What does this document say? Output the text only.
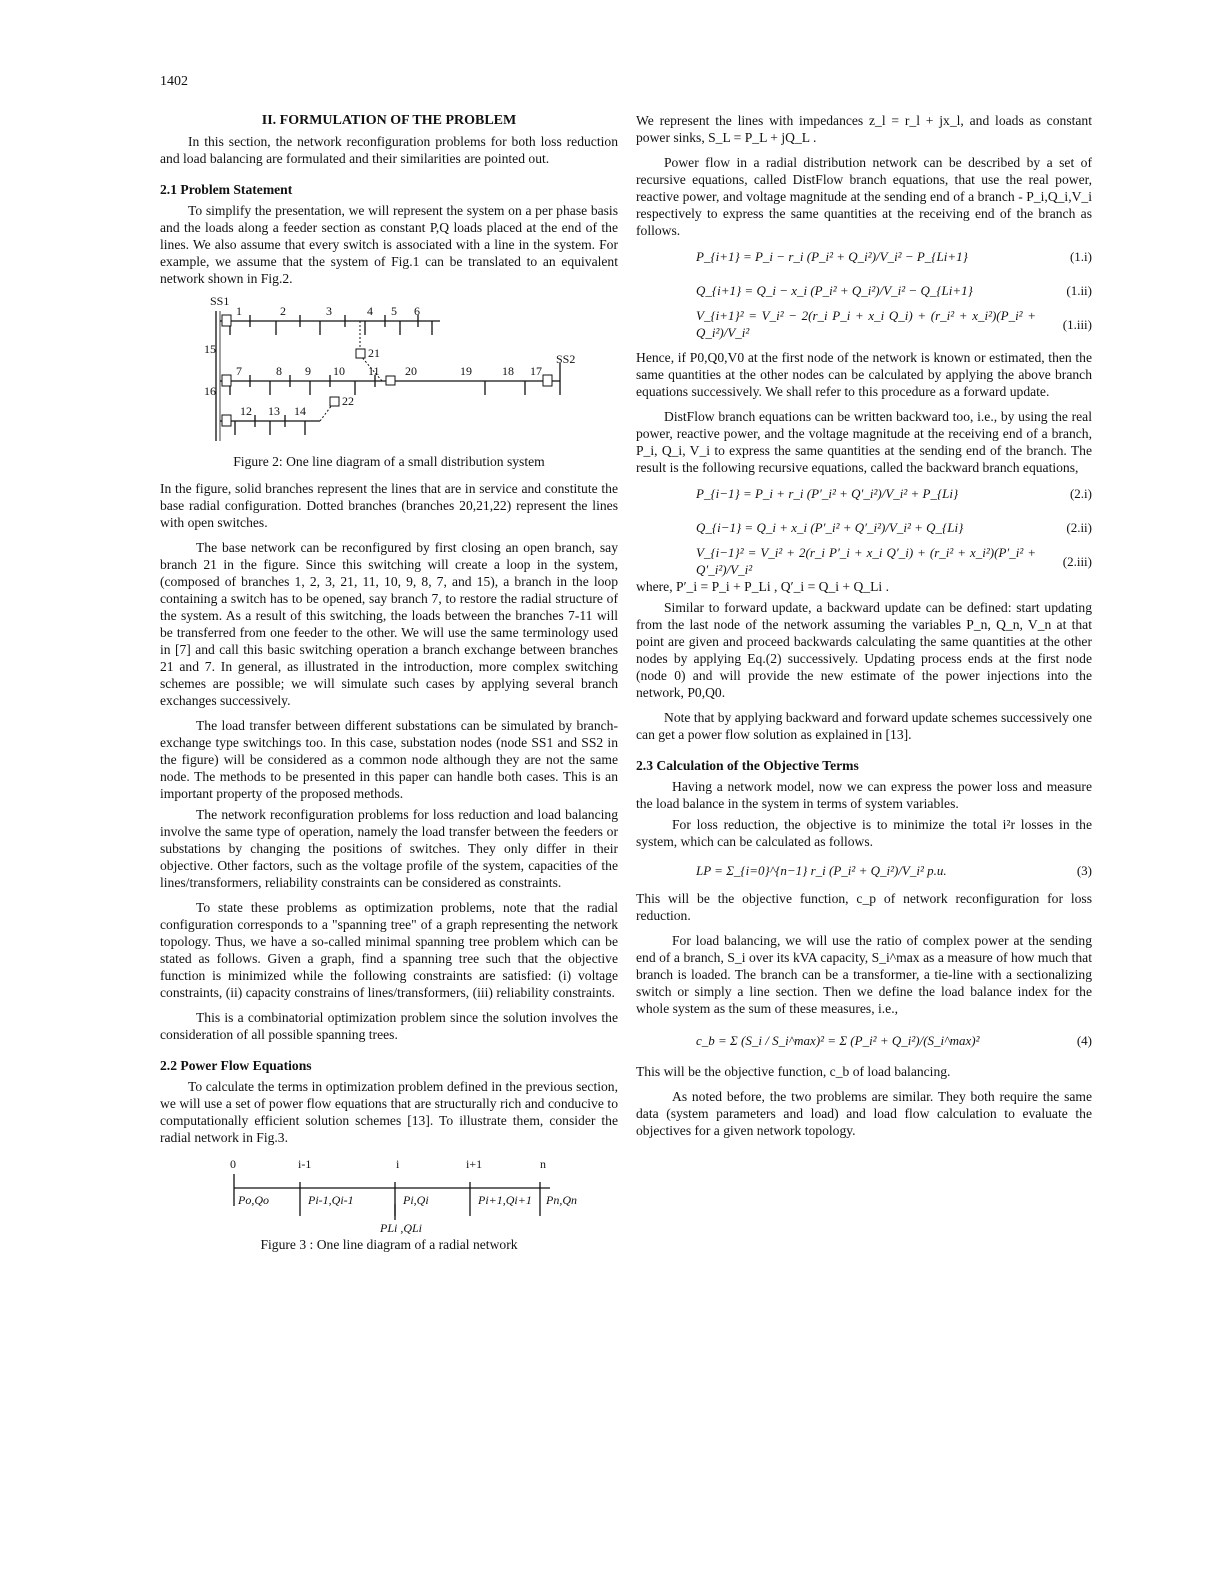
1402

II. FORMULATION OF THE PROBLEM

In this section, the network reconfiguration problems for both loss reduction and load balancing are formulated and their similarities are pointed out.

2.1 Problem Statement

To simplify the presentation, we will represent the system on a per phase basis and the loads along a feeder section as constant P,Q loads placed at the end of the lines. We also assume that every switch is associated with a line in the system. For example, we assume that the system of Fig.1 can be translated to an equivalent network shown in Fig.2.

SS1
1	2	3	4 5 6
15	21
7	8 9 10 11 20	19	18 17
SS2
16
12 13 14
22

Figure 2: One line diagram of a small distribution system

In the figure, solid branches represent the lines that are in service and constitute the base radial configuration. Dotted branches (branches 20,21,22) represent the lines with open switches.

The base network can be reconfigured by first closing an open branch, say branch 21 in the figure. Since this switching will create a loop in the system, (composed of branches 1, 2, 3, 21, 11, 10, 9, 8, 7, and 15), a branch in the loop containing a switch has to be opened, say branch 7, to restore the radial structure of the system. As a result of this switching, the loads between the branches 7-11 will be transferred from one feeder to the other. We will use the same terminology used in [7] and call this basic switching operation a branch exchange between branches 21 and 7. In general, as illustrated in the introduction, more complex switching schemes are possible; we will simulate such cases by applying several branch exchanges successively.

The load transfer between different substations can be simulated by branch-exchange type switchings too. In this case, substation nodes (node SS1 and SS2 in the figure) will be considered as a common node although they are not the same node. The methods to be presented in this paper can handle both cases. This is an important property of the proposed methods.

The network reconfiguration problems for loss reduction and load balancing involve the same type of operation, namely the load transfer between the feeders or substations by changing the positions of switches. They only differ in their objective. Other factors, such as the voltage profile of the system, capacities of the lines/transformers, reliability constraints can be considered as constraints.

To state these problems as optimization problems, note that the radial configuration corresponds to a "spanning tree" of a graph representing the network topology. Thus, we have a so-called minimal spanning tree problem which can be stated as follows. Given a graph, find a spanning tree such that the objective function is minimized while the following constraints are satisfied: (i) voltage constraints, (ii) capacity constrains of lines/transformers, (iii) reliability constraints.

This is a combinatorial optimization problem since the solution involves the consideration of all possible spanning trees.

2.2 Power Flow Equations

To calculate the terms in optimization problem defined in the previous section, we will use a set of power flow equations that are structurally rich and conducive to computationally efficient solution schemes [13]. To illustrate them, consider the radial network in Fig.3.

0	i-1	i	i+1	n
Po,Qo	Pi-1,Qi-1	Pi,Qi	Pi+1,Qi+1 Pn,Qn
PLi ,QLi

Figure 3 : One line diagram of a radial network

We represent the lines with impedances z_l = r_l + jx_l, and loads as constant power sinks, S_L = P_L + jQ_L .

Power flow in a radial distribution network can be described by a set of recursive equations, called DistFlow branch equations, that use the real power, reactive power, and voltage magnitude at the sending end of a branch - P_i,Q_i,V_i respectively to express the same quantities at the receiving end of the branch as follows.

P_{i+1} = P_i − r_i (P_i² + Q_i²)/V_i² − P_{Li+1}	(1.i)
Q_{i+1} = Q_i − x_i (P_i² + Q_i²)/V_i² − Q_{Li+1}	(1.ii)
V_{i+1}² = V_i² − 2(r_i P_i + x_i Q_i) + (r_i² + x_i²)(P_i² + Q_i²)/V_i²
(1.iii)

Hence, if P0,Q0,V0 at the first node of the network is known or estimated, then the same quantities at the other nodes can be calculated by applying the above branch equations successively. We shall refer to this procedure as a forward update.

DistFlow branch equations can be written backward too, i.e., by using the real power, reactive power, and the voltage magnitude at the receiving end of a branch, P_i, Q_i, V_i to express the same quantities at the sending end of the branch. The result is the following recursive equations, called the backward branch equations,

P_{i−1} = P_i + r_i (P′_i² + Q′_i²)/V_i² + P_{Li}	(2.i)
Q_{i−1} = Q_i + x_i (P′_i² + Q′_i²)/V_i² + Q_{Li}	(2.ii)
V_{i−1}² = V_i² + 2(r_i P′_i + x_i Q′_i) + (r_i² + x_i²)(P′_i² + Q′_i²)/V_i²
(2.iii)

where, P′_i = P_i + P_Li , Q′_i = Q_i + Q_Li .

Similar to forward update, a backward update can be defined: start updating from the last node of the network assuming the variables P_n, Q_n, V_n at that point are given and proceed backwards calculating the same quantities at the other nodes by applying Eq.(2) successively. Updating process ends at the first node (node 0) and will provide the new estimate of the power injections into the network, P0,Q0.

Note that by applying backward and forward update schemes successively one can get a power flow solution as explained in [13].

2.3 Calculation of the Objective Terms

Having a network model, now we can express the power loss and measure the load balance in the system in terms of system variables.

For loss reduction, the objective is to minimize the total i²r losses in the system, which can be calculated as follows.

LP = Σ_{i=0}^{n−1} r_i (P_i² + Q_i²)/V_i² p.u.	(3)

This will be the objective function, c_p of network reconfiguration for loss reduction.

For load balancing, we will use the ratio of complex power at the sending end of a branch, S_i over its kVA capacity, S_i^max as a measure of how much that branch is loaded. The branch can be a transformer, a tie-line with a sectionalizing switch or simply a line section. Then we define the load balance index for the whole system as the sum of these measures, i.e.,

c_b = Σ (S_i / S_i^max)² = Σ (P_i² + Q_i²)/(S_i^max)²	(4)

This will be the objective function, c_b of load balancing.

As noted before, the two problems are similar. They both require the same data (system parameters and load) and load flow calculation to evaluate the objectives for a given network topology.
